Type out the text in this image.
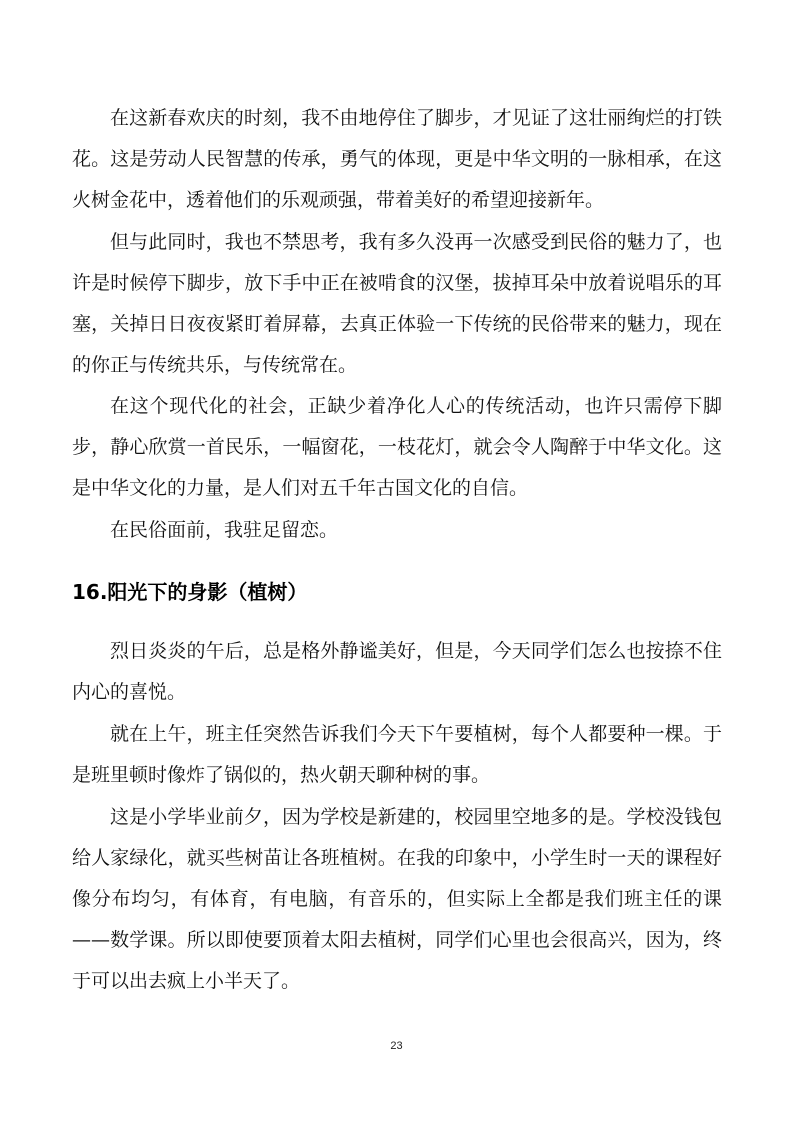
在这新春欢庆的时刻，我不由地停住了脚步，才见证了这壮丽绚烂的打铁花。这是劳动人民智慧的传承，勇气的体现，更是中华文明的一脉相承，在这火树金花中，透着他们的乐观顽强，带着美好的希望迎接新年。

但与此同时，我也不禁思考，我有多久没再一次感受到民俗的魅力了，也许是时候停下脚步，放下手中正在被啃食的汉堡，拔掉耳朵中放着说唱乐的耳塞，关掉日日夜夜紧盯着屏幕，去真正体验一下传统的民俗带来的魅力，现在的你正与传统共乐，与传统常在。

在这个现代化的社会，正缺少着净化人心的传统活动，也许只需停下脚步，静心欣赏一首民乐，一幅窗花，一枝花灯，就会令人陶醉于中华文化。这是中华文化的力量，是人们对五千年古国文化的自信。

在民俗面前，我驻足留恋。

16.阳光下的身影（植树）

烈日炎炎的午后，总是格外静谧美好，但是，今天同学们怎么也按捺不住内心的喜悦。

就在上午，班主任突然告诉我们今天下午要植树，每个人都要种一棵。于是班里顿时像炸了锅似的，热火朝天聊种树的事。

这是小学毕业前夕，因为学校是新建的，校园里空地多的是。学校没钱包给人家绿化，就买些树苗让各班植树。在我的印象中，小学生时一天的课程好像分布均匀，有体育，有电脑，有音乐的，但实际上全都是我们班主任的课——数学课。所以即使要顶着太阳去植树，同学们心里也会很高兴，因为，终于可以出去疯上小半天了。

23
